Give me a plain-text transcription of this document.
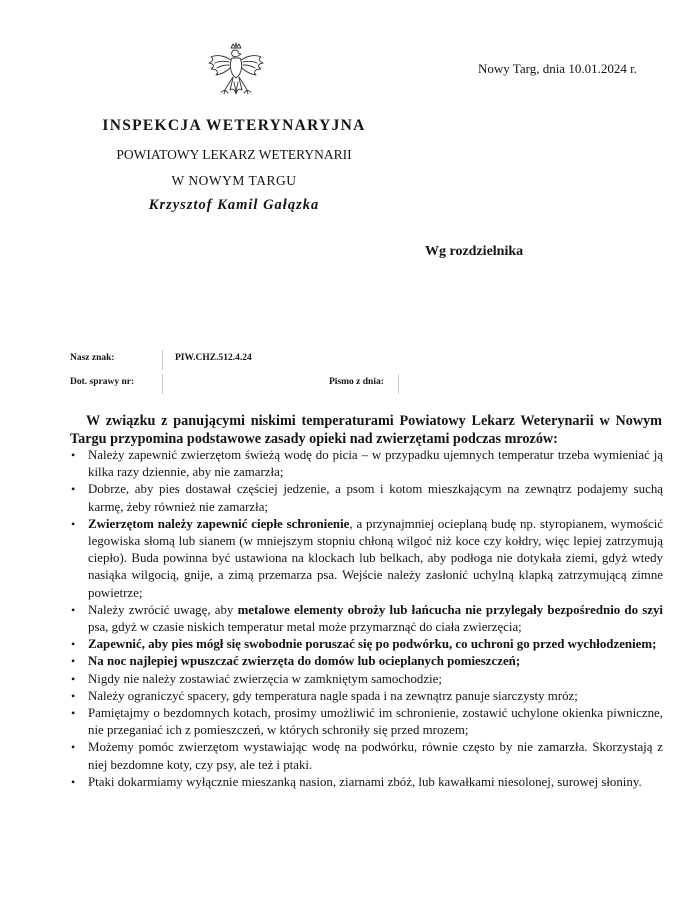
Nowy Targ, dnia 10.01.2024 r.
INSPEKCJA WETERYNARYJNA
POWIATOWY LEKARZ WETERYNARII
W NOWYM TARGU
Krzysztof Kamil Gałązka
Wg rozdzielnika
Nasz znak:	PIW.CHZ.512.4.24
Dot. sprawy nr:	Pismo z dnia:
W związku z panującymi niskimi temperaturami Powiatowy Lekarz Weterynarii w Nowym Targu przypomina podstawowe zasady opieki nad zwierzętami podczas mrozów:
• Należy zapewnić zwierzętom świeżą wodę do picia – w przypadku ujemnych temperatur trzeba wymieniać ją kilka razy dziennie, aby nie zamarzła;
• Dobrze, aby pies dostawał częściej jedzenie, a psom i kotom mieszkającym na zewnątrz podajemy suchą karmę, żeby również nie zamarzła;
• Zwierzętom należy zapewnić ciepłe schronienie, a przynajmniej ocieplaną budę np. styropianem, wymościć legowiska słomą lub sianem (w mniejszym stopniu chłoną wilgoć niż koce czy kołdry, więc lepiej zatrzymują ciepło). Buda powinna być ustawiona na klockach lub belkach, aby podłoga nie dotykała ziemi, gdyż wtedy nasiąka wilgocią, gnije, a zimą przemarza psa. Wejście należy zasłonić uchylną klapką zatrzymującą zimne powietrze;
• Należy zwrócić uwagę, aby metalowe elementy obroży lub łańcucha nie przylegały bezpośrednio do szyi psa, gdyż w czasie niskich temperatur metal może przymarznąć do ciała zwierzęcia;
• Zapewnić, aby pies mógł się swobodnie poruszać się po podwórku, co uchroni go przed wychłodzeniem;
• Na noc najlepiej wpuszczać zwierzęta do domów lub ocieplanych pomieszczeń;
• Nigdy nie należy zostawiać zwierzęcia w zamkniętym samochodzie;
• Należy ograniczyć spacery, gdy temperatura nagle spada i na zewnątrz panuje siarczysty mróz;
• Pamiętajmy o bezdomnych kotach, prosimy umożliwić im schronienie, zostawić uchylone okienka piwniczne, nie przeganiać ich z pomieszczeń, w których schroniły się przed mrozem;
• Możemy pomóc zwierzętom wystawiając wodę na podwórku, równie często by nie zamarzła. Skorzystają z niej bezdomne koty, czy psy, ale też i ptaki.
• Ptaki dokarmiamy wyłącznie mieszanką nasion, ziarnami zbóż, lub kawałkami niesolonej, surowej słoniny.
